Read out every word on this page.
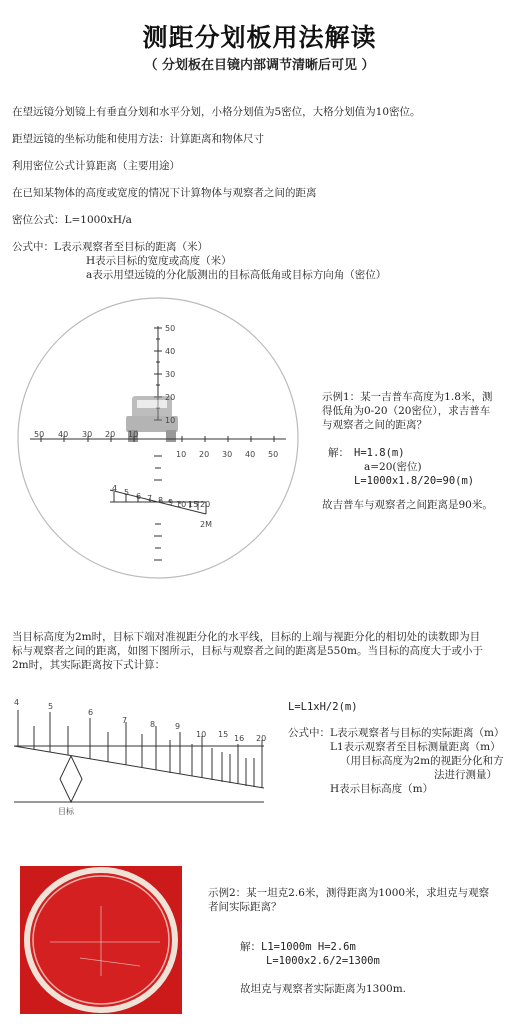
测距分划板用法解读
（ 分划板在目镜内部调节清晰后可见 ）
在望远镜分划镜上有垂直分划和水平分划，小格分划值为5密位，大格分划值为10密位。
距望远镜的坐标功能和使用方法：计算距离和物体尺寸
利用密位公式计算距离（主要用途）
在已知某物体的高度或宽度的情况下计算物体与观察者之间的距离
密位公式：L=1000xH/a
公式中：L表示观察者至目标的距离（米）
H表示目标的宽度或高度（米）
a表示用望远镜的分化版测出的目标高低角或目标方向角（密位）
50
40
30
20
10
50 40 30 20 10
10 20 30 40 50
4 5 6 7 8 9 10 15 20
2M
示例1：某一吉普车高度为1.8米，测
得低角为0-20（20密位），求吉普车
与观察者之间的距离？
解： H=1.8(m)
a=20(密位)
L=1000x1.8/20=90(m)
故吉普车与观察者之间距离是90米。
当目标高度为2m时，目标下端对准视距分化的水平线，目标的上端与视距分化的相切处的读数即为目
标与观察者之间的距离，如图下图所示，目标与观察者之间的距离是550m。当目标的高度大于或小于
2m时，其实际距离按下式计算：
4	5
6
7	8 9
10 15 16 20
目标
L=L1xH/2(m)
公式中：L表示观察者与目标的实际距离（m）
L1表示观察者至目标测量距离（m）
（用目标高度为2m的视距分化和方
法进行测量）
H表示目标高度（m）
示例2：某一坦克2.6米，测得距离为1000米，求坦克与观察
者间实际距离？
解：L1=1000m H=2.6m
L=1000x2.6/2=1300m
故坦克与观察者实际距离为1300m.
